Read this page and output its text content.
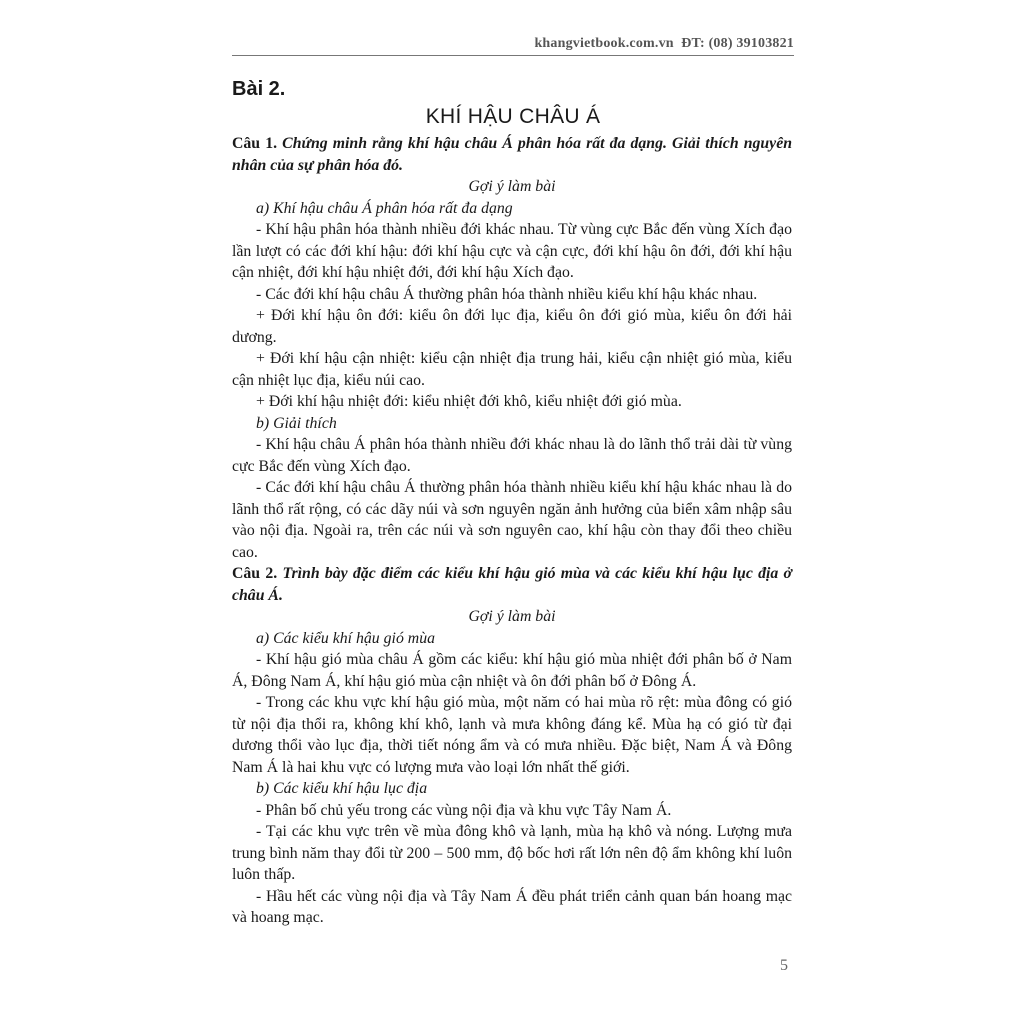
khangvietbook.com.vn ĐT: (08) 39103821
Bài 2.
KHÍ HẬU CHÂU Á

Câu 1. Chứng minh rằng khí hậu châu Á phân hóa rất đa dạng. Giải thích nguyên nhân của sự phân hóa đó.

Gợi ý làm bài

a) Khí hậu châu Á phân hóa rất đa dạng

- Khí hậu phân hóa thành nhiều đới khác nhau. Từ vùng cực Bắc đến vùng Xích đạo lần lượt có các đới khí hậu: đới khí hậu cực và cận cực, đới khí hậu ôn đới, đới khí hậu cận nhiệt, đới khí hậu nhiệt đới, đới khí hậu Xích đạo.

- Các đới khí hậu châu Á thường phân hóa thành nhiều kiểu khí hậu khác nhau.

+ Đới khí hậu ôn đới: kiểu ôn đới lục địa, kiểu ôn đới gió mùa, kiểu ôn đới hải dương.

+ Đới khí hậu cận nhiệt: kiểu cận nhiệt địa trung hải, kiểu cận nhiệt gió mùa, kiểu cận nhiệt lục địa, kiểu núi cao.

+ Đới khí hậu nhiệt đới: kiểu nhiệt đới khô, kiểu nhiệt đới gió mùa.

b) Giải thích

- Khí hậu châu Á phân hóa thành nhiều đới khác nhau là do lãnh thổ trải dài từ vùng cực Bắc đến vùng Xích đạo.

- Các đới khí hậu châu Á thường phân hóa thành nhiều kiểu khí hậu khác nhau là do lãnh thổ rất rộng, có các dãy núi và sơn nguyên ngăn ảnh hưởng của biển xâm nhập sâu vào nội địa. Ngoài ra, trên các núi và sơn nguyên cao, khí hậu còn thay đổi theo chiều cao.

Câu 2. Trình bày đặc điểm các kiểu khí hậu gió mùa và các kiểu khí hậu lục địa ở châu Á.

Gợi ý làm bài

a) Các kiểu khí hậu gió mùa

- Khí hậu gió mùa châu Á gồm các kiểu: khí hậu gió mùa nhiệt đới phân bố ở Nam Á, Đông Nam Á, khí hậu gió mùa cận nhiệt và ôn đới phân bố ở Đông Á.

- Trong các khu vực khí hậu gió mùa, một năm có hai mùa rõ rệt: mùa đông có gió từ nội địa thổi ra, không khí khô, lạnh và mưa không đáng kể. Mùa hạ có gió từ đại dương thổi vào lục địa, thời tiết nóng ẩm và có mưa nhiều. Đặc biệt, Nam Á và Đông Nam Á là hai khu vực có lượng mưa vào loại lớn nhất thế giới.

b) Các kiểu khí hậu lục địa

- Phân bố chủ yếu trong các vùng nội địa và khu vực Tây Nam Á.

- Tại các khu vực trên về mùa đông khô và lạnh, mùa hạ khô và nóng. Lượng mưa trung bình năm thay đổi từ 200 – 500 mm, độ bốc hơi rất lớn nên độ ẩm không khí luôn luôn thấp.

- Hầu hết các vùng nội địa và Tây Nam Á đều phát triển cảnh quan bán hoang mạc và hoang mạc.

5
